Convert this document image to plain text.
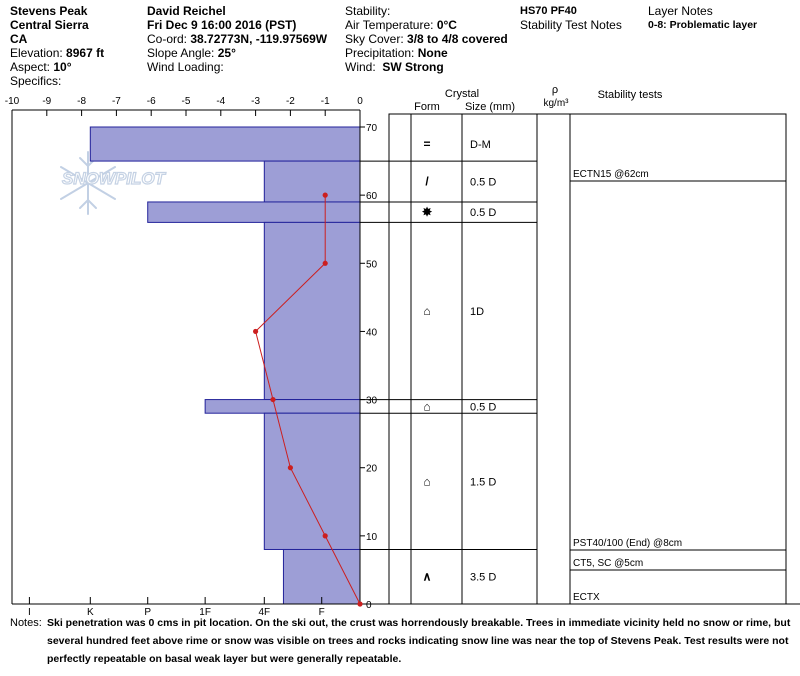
Stevens Peak
Central Sierra
CA
Elevation: 8967 ft
Aspect: 10°
Specifics:
David Reichel
Fri Dec 9 16:00 2016 (PST)
Co-ord: 38.72773N, -119.97569W
Slope Angle: 25°
Wind Loading:
Stability:
Air Temperature: 0°C
Sky Cover: 3/8 to 4/8 covered
Precipitation: None
Wind: SW Strong
HS70 PF40
Stability Test Notes
Layer Notes
0-8: Problematic layer
SNOWPILOT
-10 -9	-8	-7	-6	-5	-4	-3	-2	-1	0
0
10
20
30
40
50
60
70
I	K	P	1F	4F	F
=	D-M
/	0.5 D
✸	0.5 D
⌂	1D
⌂	0.5 D
⌂	1.5 D
∧	3.5 D
ECTN15 @62cm
PST40/100 (End) @8cm
CT5, SC @5cm
ECTX
Crystal
Form Size (mm)
ρ
kg/m³
Stability tests
Notes: Ski penetration was 0 cms in pit location. On the ski out, the crust was horrendously breakable. Trees in immediate vicinity held no snow or rime, but several hundred feet above rime or snow was visible on trees and rocks indicating snow line was near the top of Stevens Peak. Test results were not perfectly repeatable on basal weak layer but were generally repeatable.
